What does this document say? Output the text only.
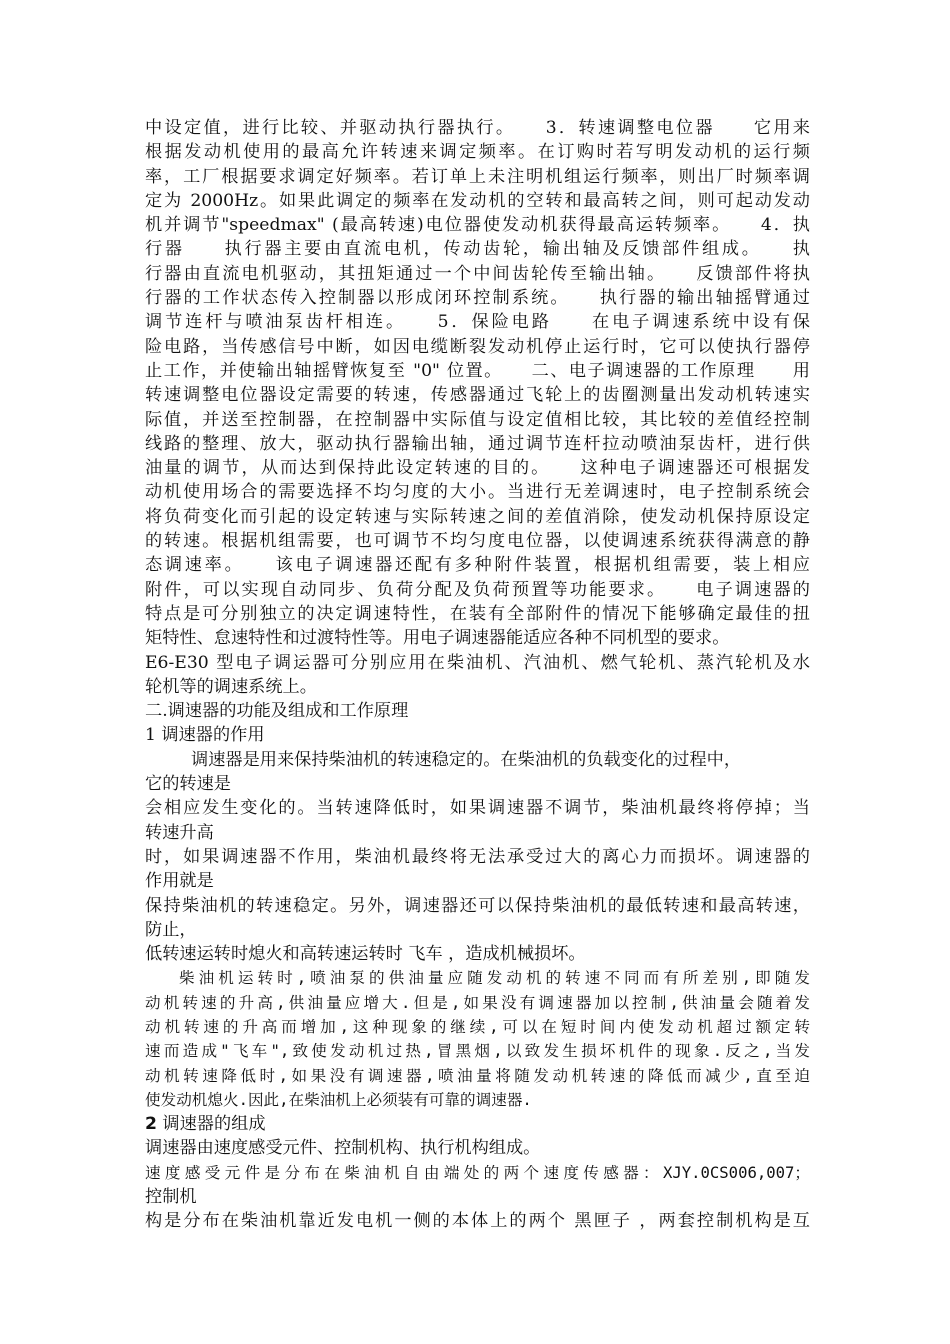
中设定值，进行比较、并驱动执行器执行。　　3．转速调整电位器　　它用来
根据发动机使用的最高允许转速来调定频率。在订购时若写明发动机的运行频
率，工厂根据要求调定好频率。若订单上未注明机组运行频率，则出厂时频率调
定为 2000Hz。如果此调定的频率在发动机的空转和最高转之间，则可起动发动
机并调节"speedmax" (最高转速)电位器使发动机获得最高运转频率。　　4．执
行器　　执行器主要由直流电机，传动齿轮，输出轴及反馈部件组成。　　执
行器由直流电机驱动，其扭矩通过一个中间齿轮传至输出轴。　　反馈部件将执
行器的工作状态传入控制器以形成闭环控制系统。　　执行器的输出轴摇臂通过
调节连杆与喷油泵齿杆相连。　　5．保险电路　　在电子调速系统中设有保
险电路，当传感信号中断，如因电缆断裂发动机停止运行时，它可以使执行器停
止工作，并使输出轴摇臂恢复至 "0" 位置。　　二、电子调速器的工作原理　　用
转速调整电位器设定需要的转速，传感器通过飞轮上的齿圈测量出发动机转速实
际值，并送至控制器，在控制器中实际值与设定值相比较，其比较的差值经控制
线路的整理、放大，驱动执行器输出轴，通过调节连杆拉动喷油泵齿杆，进行供
油量的调节，从而达到保持此设定转速的目的。　　这种电子调速器还可根据发
动机使用场合的需要选择不均匀度的大小。当进行无差调速时，电子控制系统会
将负荷变化而引起的设定转速与实际转速之间的差值消除，使发动机保持原设定
的转速。根据机组需要，也可调节不均匀度电位器，以使调速系统获得满意的静
态调速率。　　该电子调速器还配有多种附件装置，根据机组需要，装上相应
附件，可以实现自动同步、负荷分配及负荷预置等功能要求。　　电子调速器的
特点是可分别独立的决定调速特性，在装有全部附件的情况下能够确定最佳的扭
矩特性、怠速特性和过渡特性等。用电子调速器能适应各种不同机型的要求。
E6-E30 型电子调运器可分别应用在柴油机、汽油机、燃气轮机、蒸汽轮机及水
轮机等的调速系统上。
二.调速器的功能及组成和工作原理
1 调速器的作用
调速器是用来保持柴油机的转速稳定的。在柴油机的负载变化的过程中，
它的转速是
会相应发生变化的。当转速降低时，如果调速器不调节，柴油机最终将停掉；当
转速升高
时，如果调速器不作用，柴油机最终将无法承受过大的离心力而损坏。调速器的
作用就是
保持柴油机的转速稳定。另外，调速器还可以保持柴油机的最低转速和最高转速，
防止，
低转速运转时熄火和高转速运转时 飞车 ，造成机械损坏。
柴油机运转时,喷油泵的供油量应随发动机的转速不同而有所差别,即随发
动机转速的升高,供油量应增大.但是,如果没有调速器加以控制,供油量会随着发
动机转速的升高而增加,这种现象的继续,可以在短时间内使发动机超过额定转
速而造成"飞车",致使发动机过热,冒黑烟,以致发生损坏机件的现象.反之,当发
动机转速降低时,如果没有调速器,喷油量将随发动机转速的降低而减少,直至迫
使发动机熄火.因此,在柴油机上必须装有可靠的调速器.
2 调速器的组成
调速器由速度感受元件、控制机构、执行机构组成。
速度感受元件是分布在柴油机自由端处的两个速度传感器：XJY.0CS006,007；
控制机
构是分布在柴油机靠近发电机一侧的本体上的两个 黑匣子 ，两套控制机构是互
